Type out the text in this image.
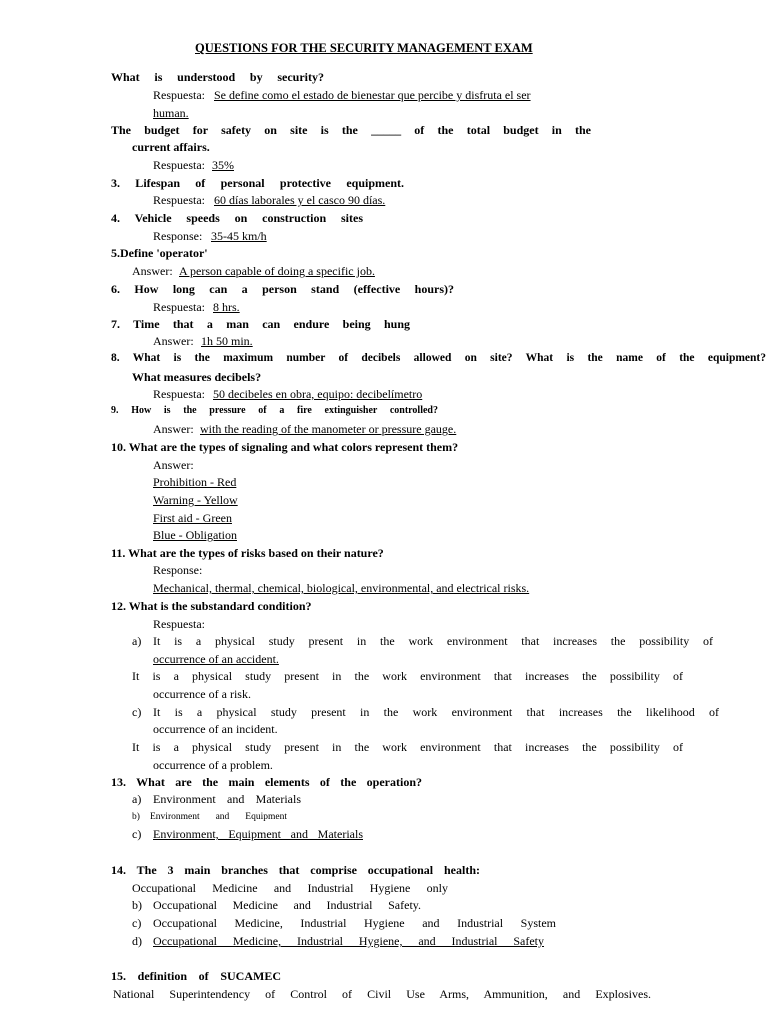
QUESTIONS FOR THE SECURITY MANAGEMENT EXAM
What is understood by security?
Respuesta: Se define como el estado de bienestar que percibe y disfruta el ser
human.
The budget for safety on site is the _____ of the total budget in the
current affairs.
Respuesta: 35%
3. Lifespan of personal protective equipment.
Respuesta: 60 días laborales y el casco 90 días.
4. Vehicle speeds on construction sites
Response: 35-45 km/h
5.Define 'operator'
Answer: A person capable of doing a specific job.
6. How long can a person stand (effective hours)?
Respuesta: 8 hrs.
7. Time that a man can endure being hung
Answer: 1h 50 min.
8. What is the maximum number of decibels allowed on site? What is the name of the equipment?
What measures decibels?
Respuesta: 50 decibeles en obra, equipo: decibelímetro
9. How is the pressure of a fire extinguisher controlled?
Answer: with the reading of the manometer or pressure gauge.
10. What are the types of signaling and what colors represent them?
Answer:
Prohibition - Red
Warning - Yellow
First aid - Green
Blue - Obligation
11. What are the types of risks based on their nature?
Response:
Mechanical, thermal, chemical, biological, environmental, and electrical risks.
12. What is the substandard condition?
Respuesta:
a) It is a physical study present in the work environment that increases the possibility of
occurrence of an accident.
It is a physical study present in the work environment that increases the possibility of
occurrence of a risk.
c) It is a physical study present in the work environment that increases the likelihood of
occurrence of an incident.
It is a physical study present in the work environment that increases the possibility of
occurrence of a problem.
13. What are the main elements of the operation?
a) Environment and Materials
b) Environment and Equipment
c) Environment, Equipment and Materials
14. The 3 main branches that comprise occupational health:
Occupational Medicine and Industrial Hygiene only
b) Occupational Medicine and Industrial Safety.
c) Occupational Medicine, Industrial Hygiene and Industrial System
d) Occupational Medicine, Industrial Hygiene, and Industrial Safety
15. definition of SUCAMEC
National Superintendency of Control of Civil Use Arms, Ammunition, and Explosives.
